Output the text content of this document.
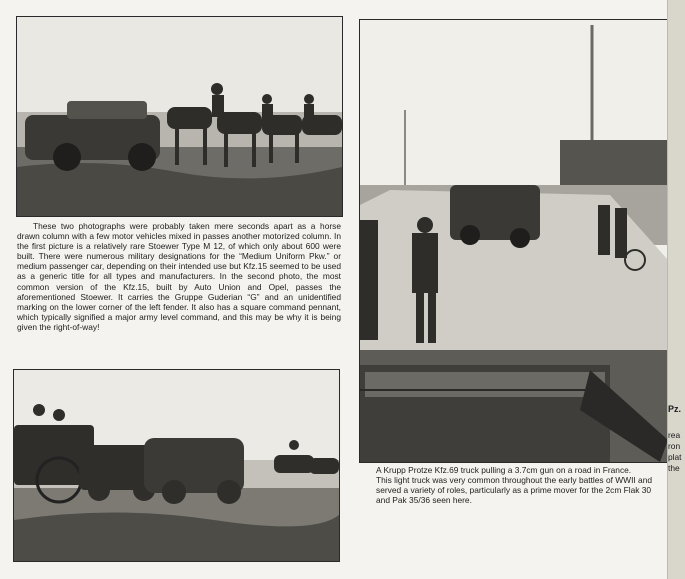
These two photographs were probably taken mere seconds apart as a horse drawn column with a few motor vehicles mixed in passes another motorized column. In the first picture is a relatively rare Stoewer Type M 12, of which only about 600 were built. There were numerous military designations for the “Medium Uniform Pkw.” or medium passenger car, depending on their intended use but Kfz.15 seemed to be used as a generic title for all types and manufacturers. In the second photo, the most common version of the Kfz.15, built by Auto Union and Opel, passes the aforementioned Stoewer. It carries the Gruppe Guderian “G” and an unidentified marking on the lower corner of the left fender. It also has a square command pennant, which typically signified a major army level command, and this may be why it is being given the right-of-way!

A Krupp Protze Kfz.69 truck pulling a 3.7cm gun on a road in France.
This light truck was very common throughout the early battles of WWII and
served a variety of roles, particularly as a prime mover for the 2cm Flak 30
and Pak 35/36 seen here.
Pz.
rea
ron
plat
the
